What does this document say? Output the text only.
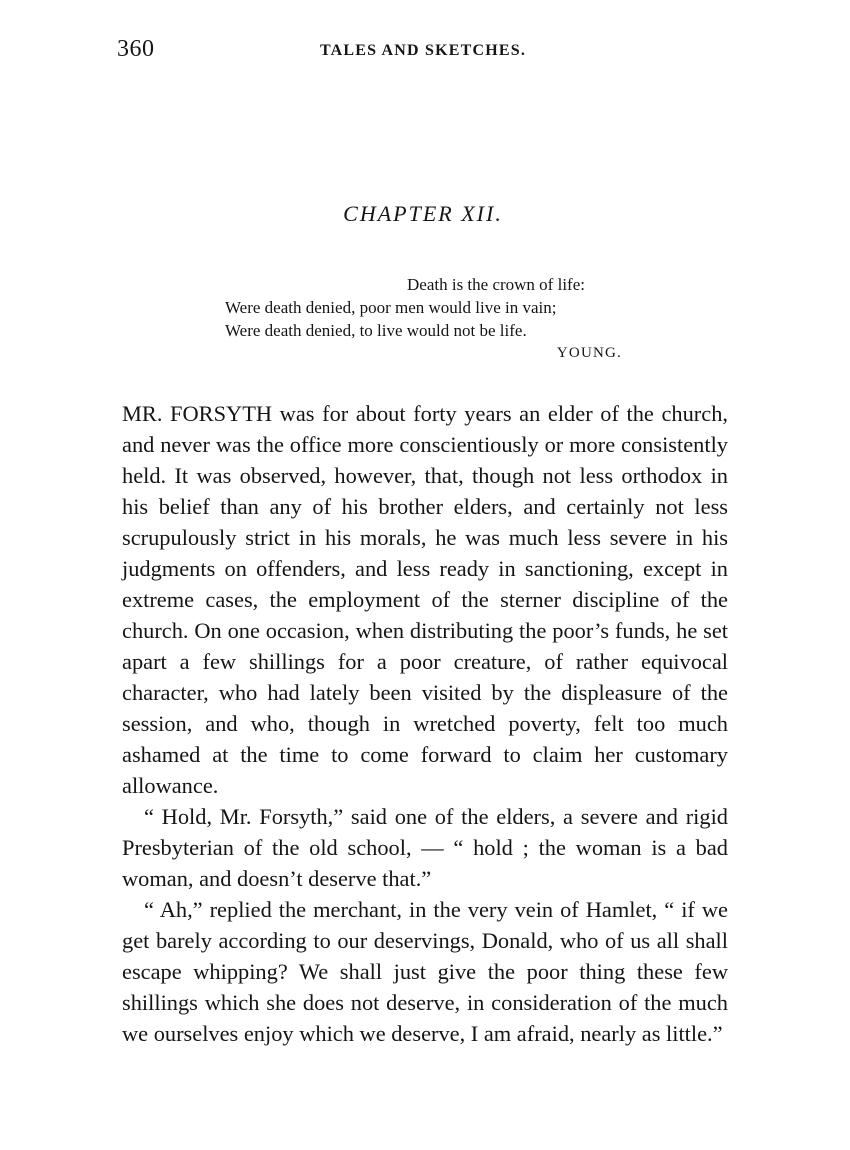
360	TALES AND SKETCHES.
CHAPTER XII.
Death is the crown of life:
Were death denied, poor men would live in vain;
Were death denied, to live would not be life.
YOUNG.

MR. FORSYTH was for about forty years an elder of the church, and never was the office more conscientiously or more consistently held. It was observed, however, that, though not less orthodox in his belief than any of his brother elders, and certainly not less scrupulously strict in his morals, he was much less severe in his judgments on offenders, and less ready in sanctioning, except in extreme cases, the employment of the sterner discipline of the church. On one occasion, when distributing the poor’s funds, he set apart a few shillings for a poor creature, of rather equivocal character, who had lately been visited by the displeasure of the session, and who, though in wretched poverty, felt too much ashamed at the time to come forward to claim her customary allowance.

“ Hold, Mr. Forsyth,” said one of the elders, a severe and rigid Presbyterian of the old school, — “ hold ; the woman is a bad woman, and doesn’t deserve that.”

“ Ah,” replied the merchant, in the very vein of Hamlet, “ if we get barely according to our deservings, Donald, who of us all shall escape whipping? We shall just give the poor thing these few shillings which she does not deserve, in consideration of the much we ourselves enjoy which we deserve, I am afraid, nearly as little.”
